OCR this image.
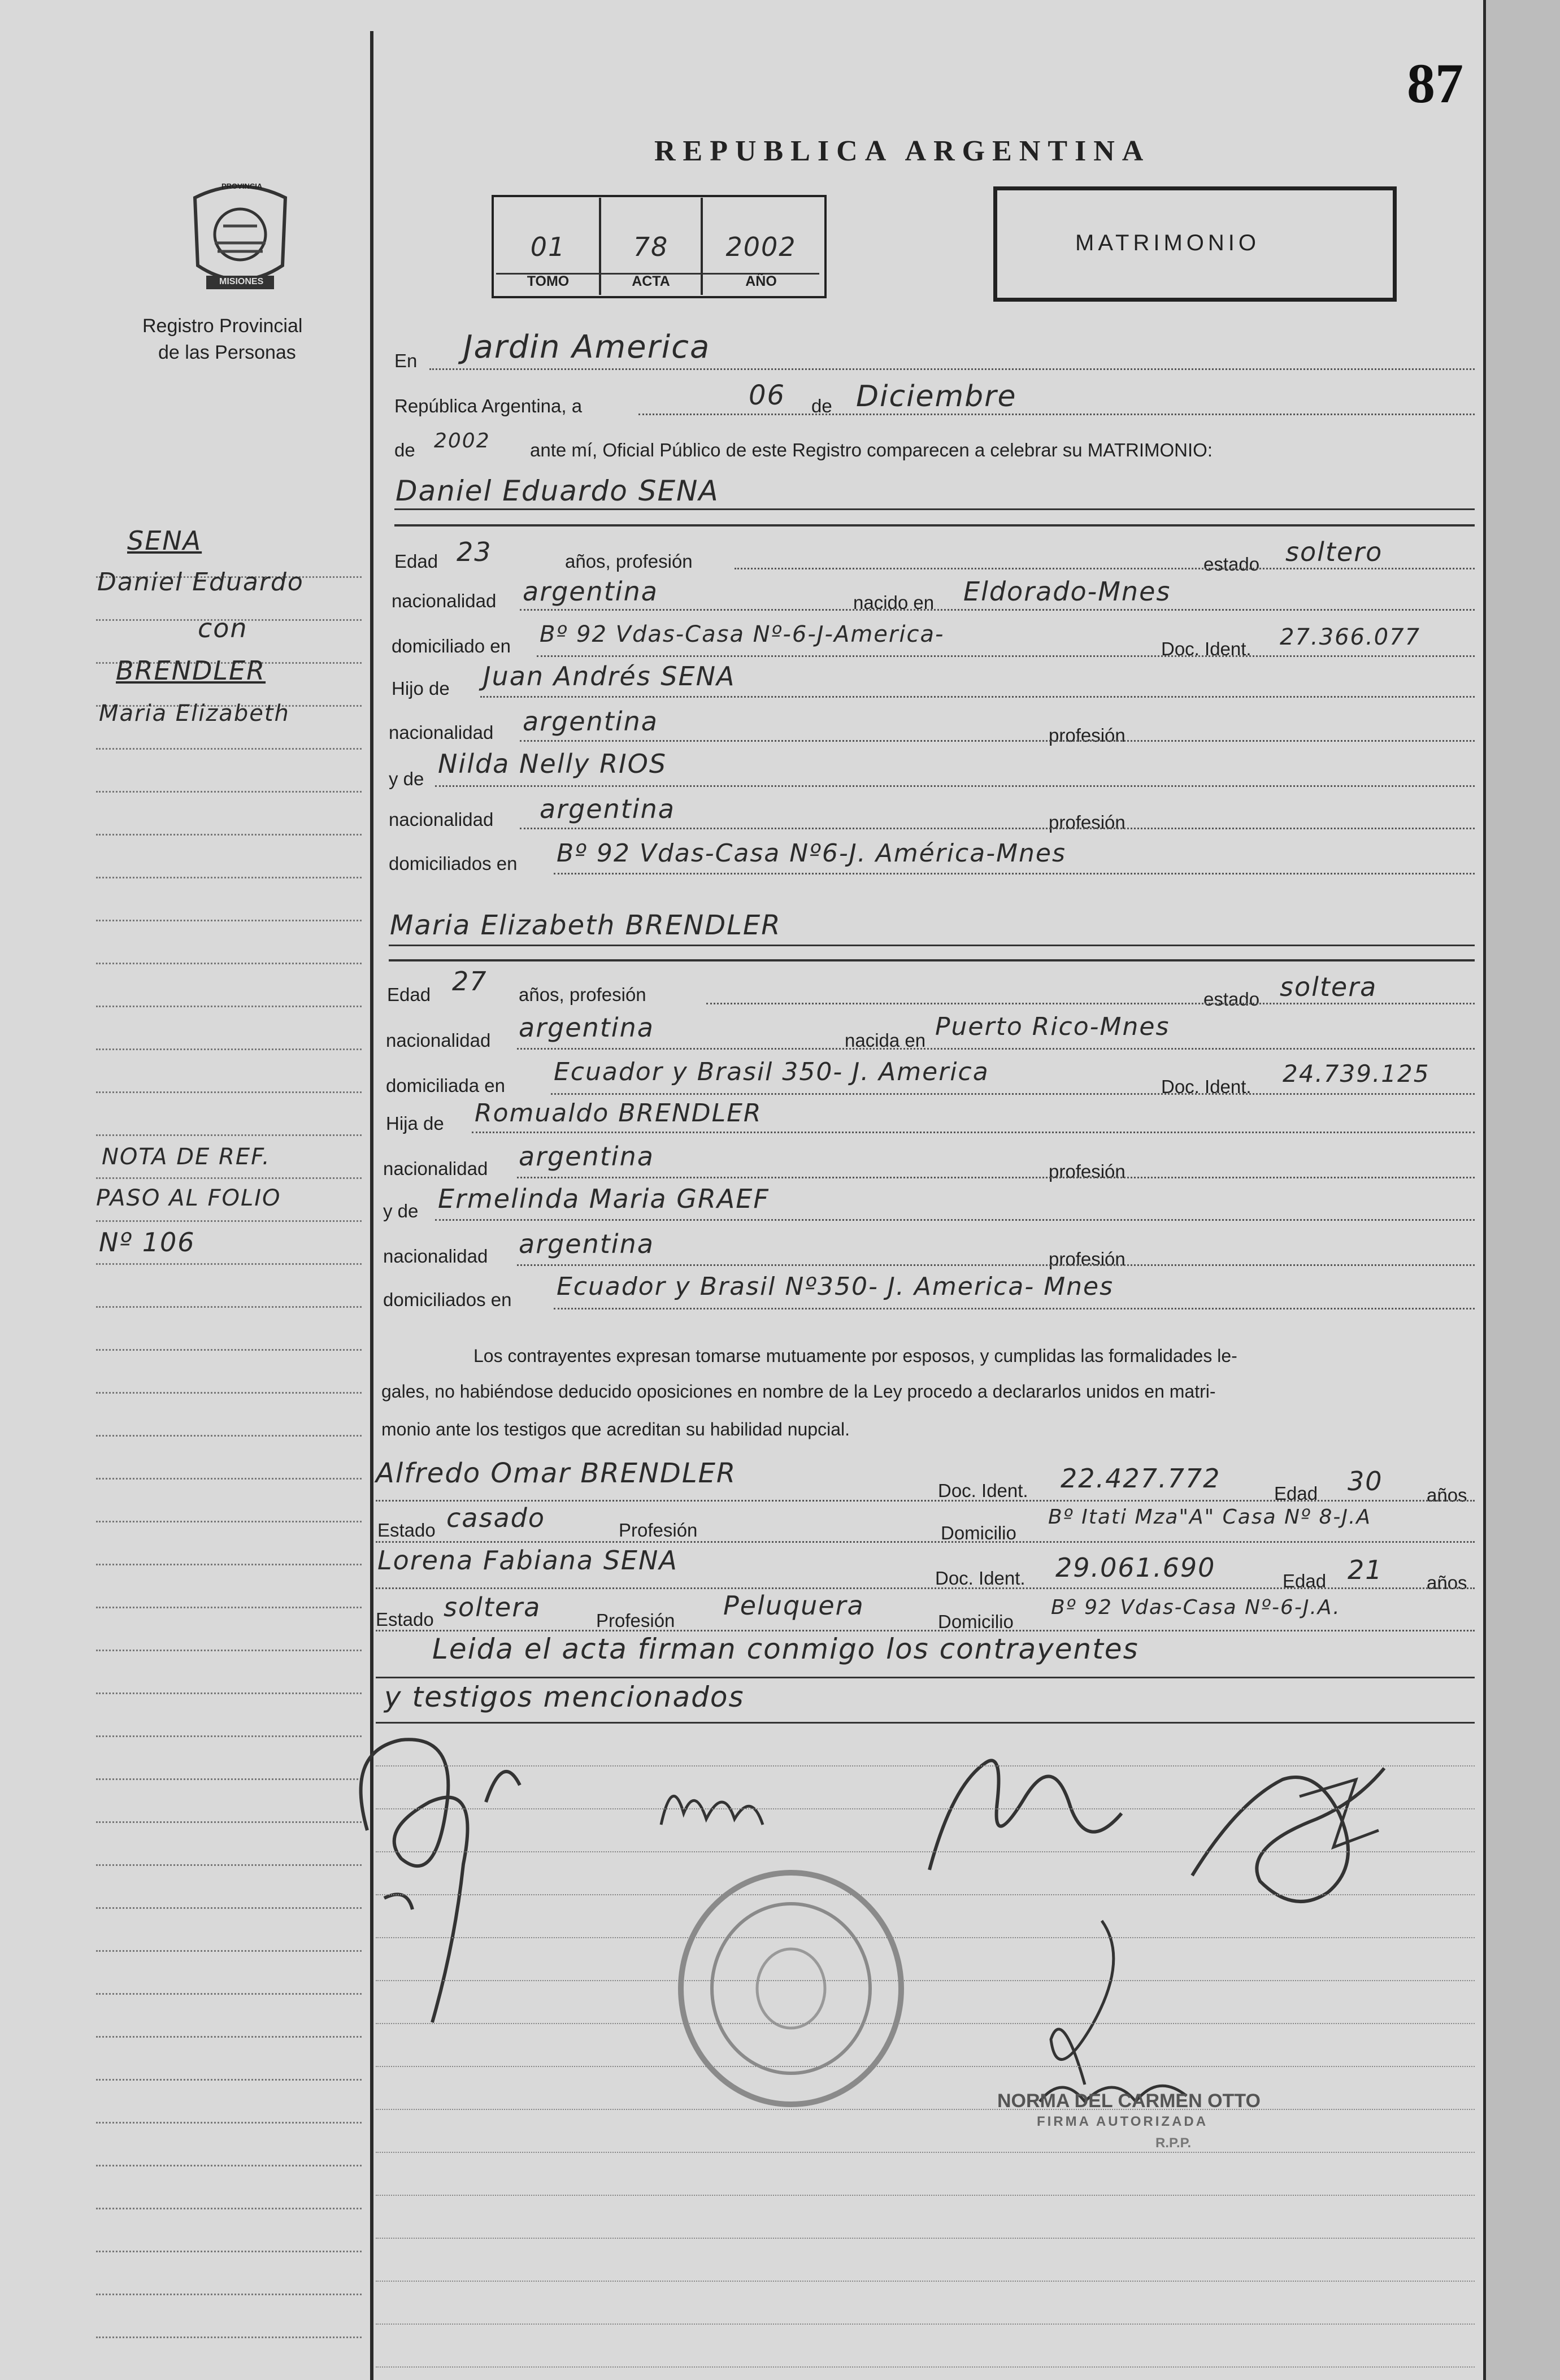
87
REPUBLICA ARGENTINA
PROVINCIA
MISIONES
Registro Provincial
de las Personas
01	78	2002
TOMO	ACTA	AÑO
MATRIMONIO
En Jardin America
República Argentina, a	06 de Diciembre
de 2002 ante mí, Oficial Público de este Registro comparecen a celebrar su MATRIMONIO:
Daniel Eduardo SENA
Edad 23	años, profesión	estado soltero
nacionalidad argentina	nacido en Eldorado-Mnes
domiciliado en Bº 92 Vdas-Casa Nº-6-J-America-
Doc. Ident. 27.366.077
Hijo de Juan Andrés SENA
nacionalidad argentina	profesión
y de Nilda Nelly RIOS
nacionalidad argentina	profesión
domiciliados en Bº 92 Vdas-Casa Nº6-J. América-Mnes
Maria Elizabeth BRENDLER
Edad 27 años, profesión	estado soltera
nacionalidad argentina	nacida en Puerto Rico-Mnes
domiciliada en Ecuador y Brasil 350- J. America
Doc. Ident. 24.739.125
Hija de Romualdo BRENDLER
nacionalidad argentina	profesión
y de Ermelinda Maria GRAEF
nacionalidad argentina	profesión
domiciliados en Ecuador y Brasil Nº350- J. America- Mnes
Los contrayentes expresan tomarse mutuamente por esposos, y cumplidas las formalidades le-
gales, no habiéndose deducido oposiciones en nombre de la Ley procedo a declararlos unidos en matri-
monio ante los testigos que acreditan su habilidad nupcial.
Alfredo Omar BRENDLER
Doc. Ident. 22.427.772	Edad 30 años
Estado casado	Profesión	Domicilio
Bº Itati Mza"A" Casa Nº 8-J.A
Lorena Fabiana SENA
Doc. Ident. 29.061.690	Edad 21 años
Estado soltera	Profesión Peluquera
Domicilio
Bº 92 Vdas-Casa Nº-6-J.A.
Leida el acta firman conmigo los contrayentes
y testigos mencionados
SENA
Daniel Eduardo
con
BRENDLER
Maria Elizabeth
NOTA DE REF.
PASO AL FOLIO
Nº 106
NORMA DEL CARMEN OTTO
FIRMA AUTORIZADA
R.P.P.
